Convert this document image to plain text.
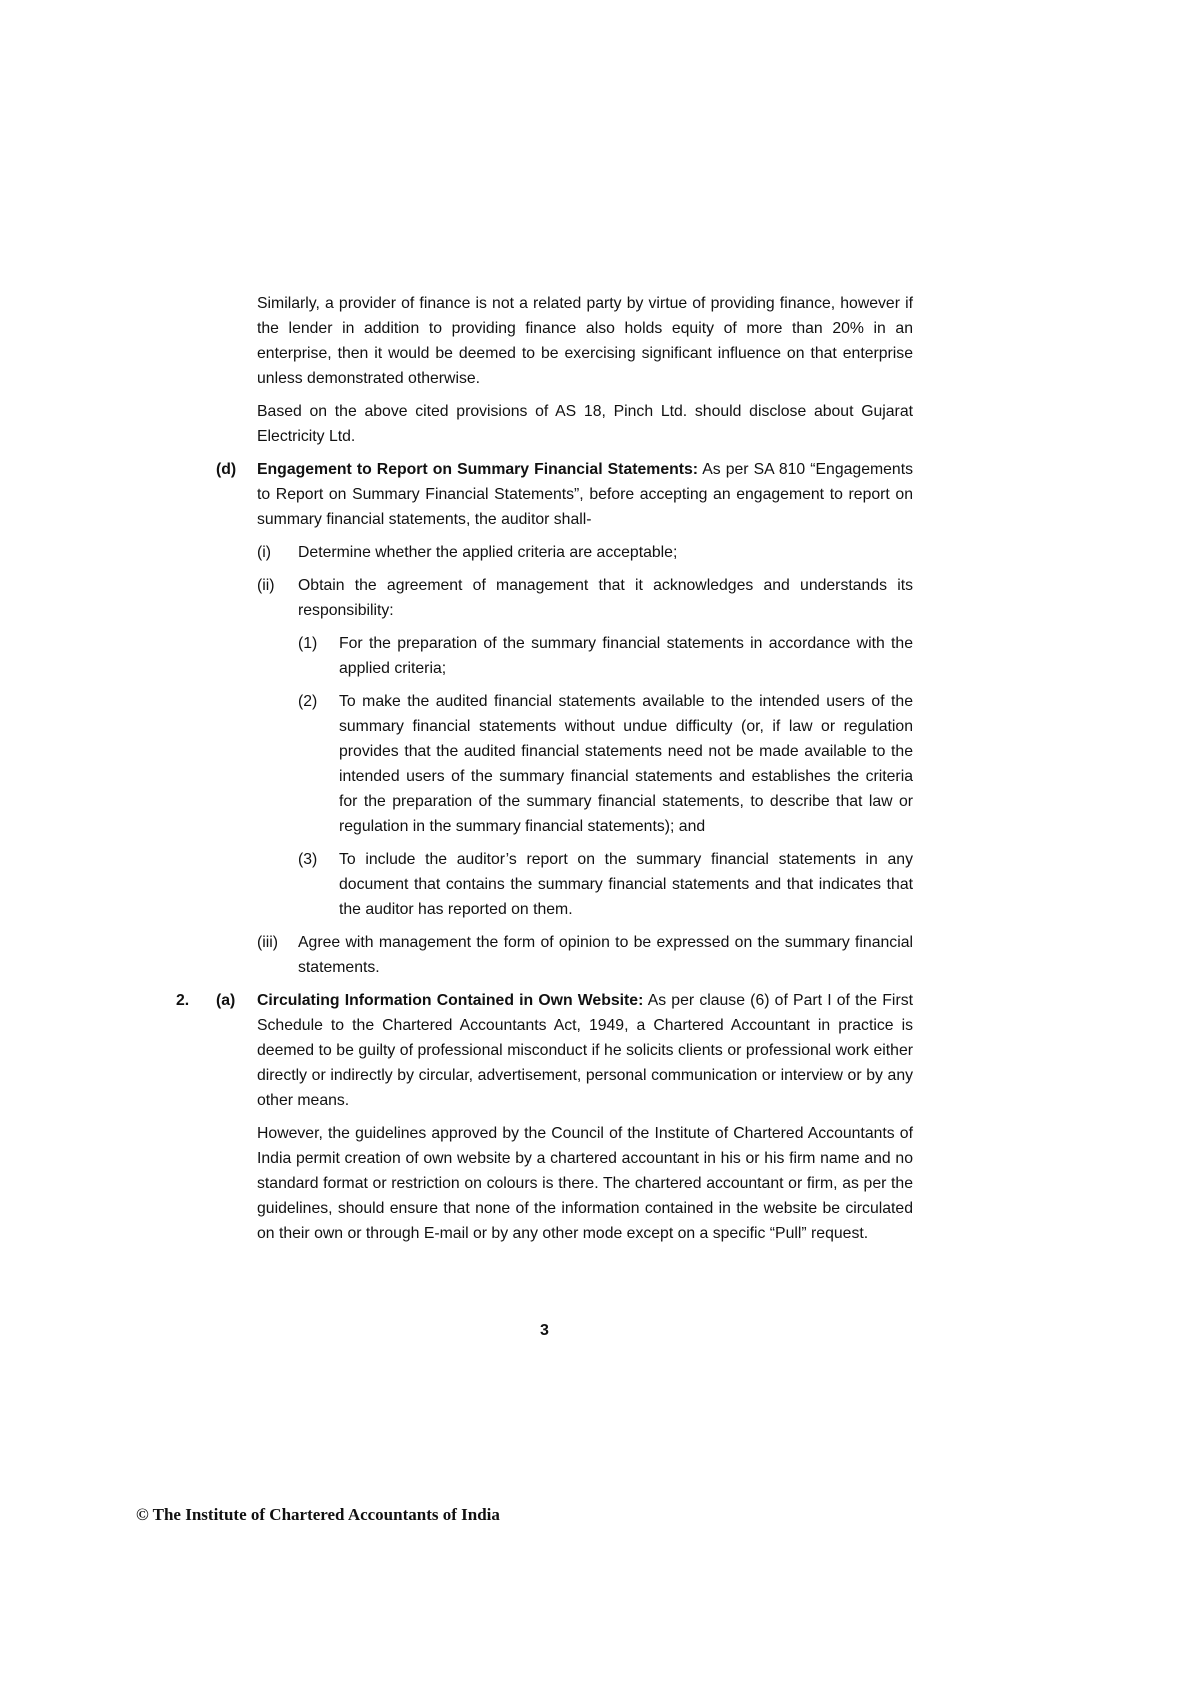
Similarly, a provider of finance is not a related party by virtue of providing finance, however if the lender in addition to providing finance also holds equity of more than 20% in an enterprise, then it would be deemed to be exercising significant influence on that enterprise unless demonstrated otherwise.

Based on the above cited provisions of AS 18, Pinch Ltd. should disclose about Gujarat Electricity Ltd.

(d)	Engagement to Report on Summary Financial Statements: As per SA 810 “Engagements to Report on Summary Financial Statements”, before accepting an engagement to report on summary financial statements, the auditor shall-

(i)	Determine whether the applied criteria are acceptable;

(ii)	Obtain the agreement of management that it acknowledges and understands its responsibility:

(1)	For the preparation of the summary financial statements in accordance with the applied criteria;

(2)	To make the audited financial statements available to the intended users of the summary financial statements without undue difficulty (or, if law or regulation provides that the audited financial statements need not be made available to the intended users of the summary financial statements and establishes the criteria for the preparation of the summary financial statements, to describe that law or regulation in the summary financial statements); and

(3)	To include the auditor’s report on the summary financial statements in any document that contains the summary financial statements and that indicates that the auditor has reported on them.

(iii)	Agree with management the form of opinion to be expressed on the summary financial statements.

2.	(a)	Circulating Information Contained in Own Website: As per clause (6) of Part I of the First Schedule to the Chartered Accountants Act, 1949, a Chartered Accountant in practice is deemed to be guilty of professional misconduct if he solicits clients or professional work either directly or indirectly by circular, advertisement, personal communication or interview or by any other means.

However, the guidelines approved by the Council of the Institute of Chartered Accountants of India permit creation of own website by a chartered accountant in his or his firm name and no standard format or restriction on colours is there. The chartered accountant or firm, as per the guidelines, should ensure that none of the information contained in the website be circulated on their own or through E-mail or by any other mode except on a specific “Pull” request.

3
© The Institute of Chartered Accountants of India
